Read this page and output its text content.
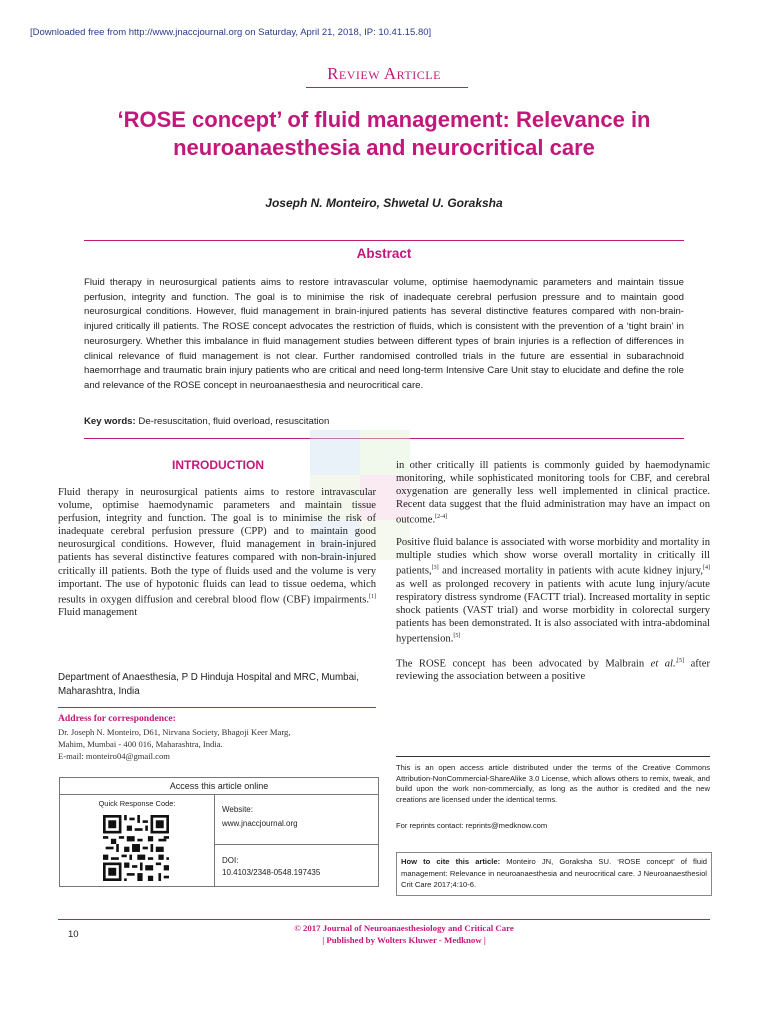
[Downloaded free from http://www.jnaccjournal.org on Saturday, April 21, 2018, IP: 10.41.15.80]
Review Article
‘ROSE concept’ of fluid management: Relevance in neuroanaesthesia and neurocritical care
Joseph N. Monteiro, Shwetal U. Goraksha
Abstract
Fluid therapy in neurosurgical patients aims to restore intravascular volume, optimise haemodynamic parameters and maintain tissue perfusion, integrity and function. The goal is to minimise the risk of inadequate cerebral perfusion pressure and to maintain good neurosurgical conditions. However, fluid management in brain-injured patients has several distinctive features compared with non-brain-injured critically ill patients. The ROSE concept advocates the restriction of fluids, which is consistent with the prevention of a ‘tight brain’ in neurosurgery. Whether this imbalance in fluid management studies between different types of brain injuries is a reflection of differences in clinical relevance of fluid management is not clear. Further randomised controlled trials in the future are essential in subarachnoid haemorrhage and traumatic brain injury patients who are critical and need long-term Intensive Care Unit stay to elucidate and define the role and relevance of the ROSE concept in neuroanaesthesia and neurocritical care.
Key words: De-resuscitation, fluid overload, resuscitation
INTRODUCTION

Fluid therapy in neurosurgical patients aims to restore intravascular volume, optimise haemodynamic parameters and maintain tissue perfusion, integrity and function. The goal is to minimise the risk of inadequate cerebral perfusion pressure (CPP) and to maintain good neurosurgical conditions. However, fluid management in brain-injured patients has several distinctive features compared with non-brain-injured critically ill patients. Both the type of fluids used and the volume is very important. The use of hypotonic fluids can lead to tissue oedema, which results in oxygen diffusion and cerebral blood flow (CBF) impairments.[1] Fluid management

Department of Anaesthesia, P D Hinduja Hospital and MRC, Mumbai, Maharashtra, India
Address for correspondence:
Dr. Joseph N. Monteiro, D61, Nirvana Society, Bhagoji Keer Marg,
Mahim, Mumbai - 400 016, Maharashtra, India.
E-mail: monteiro04@gmail.com
Access this article online
Quick Response Code:
Website:
www.jnaccjournal.org
DOI:
10.4103/2348-0548.197435

in other critically ill patients is commonly guided by haemodynamic monitoring, while sophisticated monitoring tools for CBF, and cerebral oxygenation are generally less well implemented in clinical practice. Recent data suggest that the fluid administration may have an impact on outcome.[2-4]

Positive fluid balance is associated with worse morbidity and mortality in multiple studies which show worse overall mortality in critically ill patients,[3] and increased mortality in patients with acute kidney injury,[4] as well as prolonged recovery in patients with acute lung injury/acute respiratory distress syndrome (FACTT trial). Increased mortality in septic shock patients (VAST trial) and worse morbidity in colorectal surgery patients has been demonstrated. It is also associated with intra-abdominal hypertension.[5]

The ROSE concept has been advocated by Malbrain et al.$^{,[5]}$ after reviewing the association between a positive

This is an open access article distributed under the terms of the Creative Commons Attribution-NonCommercial-ShareAlike 3.0 License, which allows others to remix, tweak, and build upon the work non-commercially, as long as the author is credited and the new creations are licensed under the identical terms.
For reprints contact: reprints@medknow.com
How to cite this article: Monteiro JN, Goraksha SU. ‘ROSE concept’ of fluid management: Relevance in neuroanaesthesia and neurocritical care. J Neuroanaesthesiol Crit Care 2017;4:10-6.
10
© 2017 Journal of Neuroanaesthesiology and Critical Care
| Published by Wolters Kluwer - Medknow |
